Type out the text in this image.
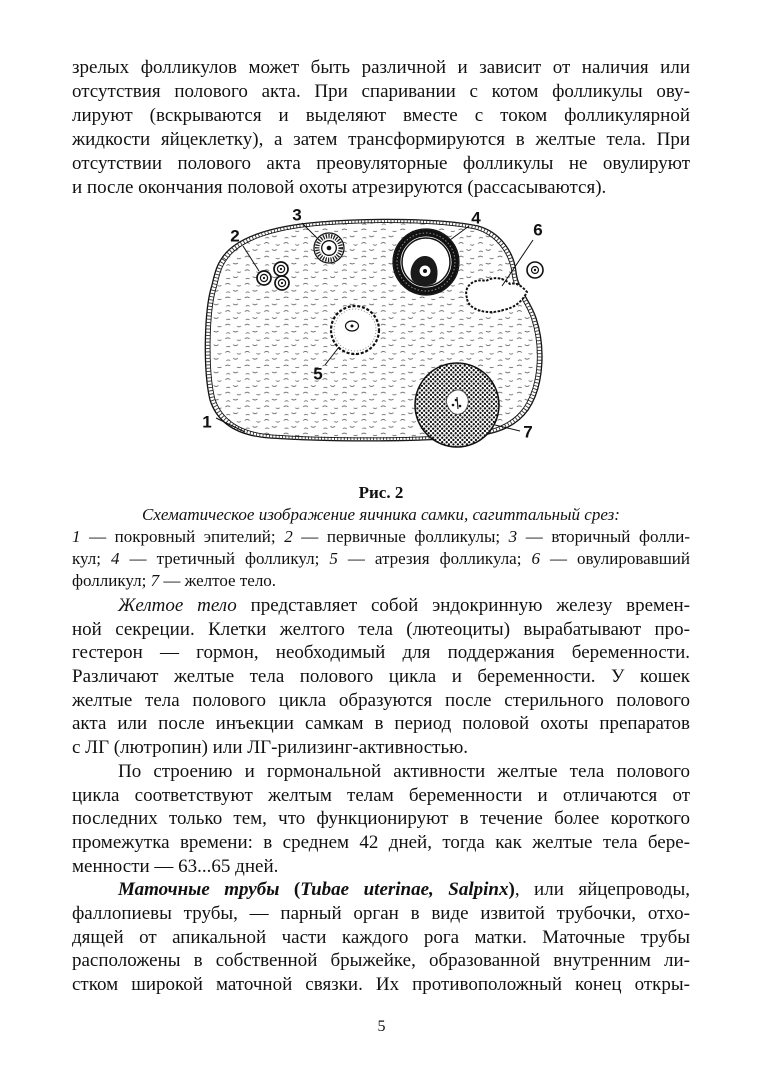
зрелых фолликулов может быть различной и зависит от наличия или
отсутствия полового акта. При спаривании с котом фолликулы ову-
лируют (вскрываются и выделяют вместе с током фолликулярной
жидкости яйцеклетку), а затем трансформируются в желтые тела. При
отсутствии полового акта преовуляторные фолликулы не овулируют
и после окончания половой охоты атрезируются (рассасываются).
1
2
3	4
5
6
7
Рис. 2
Схематическое изображение яичника самки, сагиттальный срез:
1 — покровный эпителий; 2 — первичные фолликулы; 3 — вторичный фолли-
кул; 4 — третичный фолликул; 5 — атрезия фолликула; 6 — овулировавший
фолликул; 7 — желтое тело.
Желтое тело представляет собой эндокринную железу времен-
ной секреции. Клетки желтого тела (лютеоциты) вырабатывают про-
гестерон — гормон, необходимый для поддержания беременности.
Различают желтые тела полового цикла и беременности. У кошек
желтые тела полового цикла образуются после стерильного полового
акта или после инъекции самкам в период половой охоты препаратов
с ЛГ (лютропин) или ЛГ-рилизинг-активностью.
По строению и гормональной активности желтые тела полового
цикла соответствуют желтым телам беременности и отличаются от
последних только тем, что функционируют в течение более короткого
промежутка времени: в среднем 42 дней, тогда как желтые тела бере-
менности — 63...65 дней.
Маточные трубы (Tubae uterinae, Salpinx), или яйцепроводы,
фаллопиевы трубы, — парный орган в виде извитой трубочки, отхо-
дящей от апикальной части каждого рога матки. Маточные трубы
расположены в собственной брыжейке, образованной внутренним ли-
стком широкой маточной связки. Их противоположный конец откры-
5
